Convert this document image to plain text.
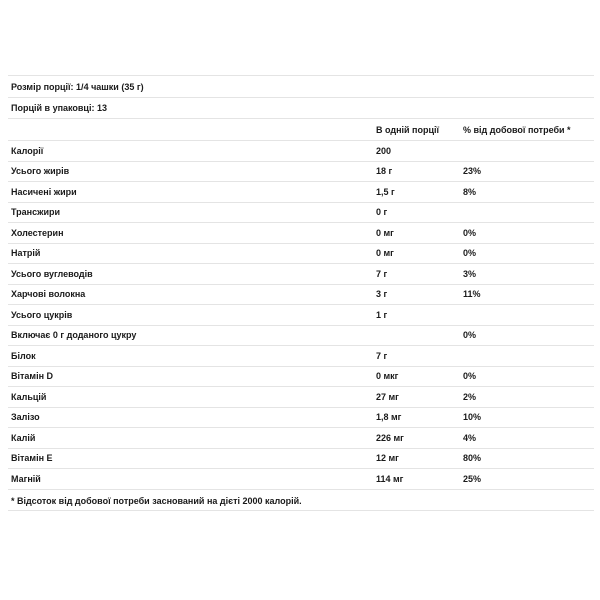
Розмір порції: 1/4 чашки (35 г)
Порцій в упаковці: 13
	В одній порції	% від добової потреби *
Калорії	200	
Усього жирів	18 г	23%
Насичені жири	1,5 г	8%
Трансжири	0 г	
Холестерин	0 мг	0%
Натрій	0 мг	0%
Усього вуглеводів	7 г	3%
Харчові волокна	3 г	11%
Усього цукрів	1 г	
Включає 0 г доданого цукру		0%
Білок	7 г	
Вітамін D	0 мкг	0%
Кальцій	27 мг	2%
Залізо	1,8 мг	10%
Калій	226 мг	4%
Вітамін E	12 мг	80%
Магній	114 мг	25%
* Відсоток від добової потреби заснований на дієті 2000 калорій.
